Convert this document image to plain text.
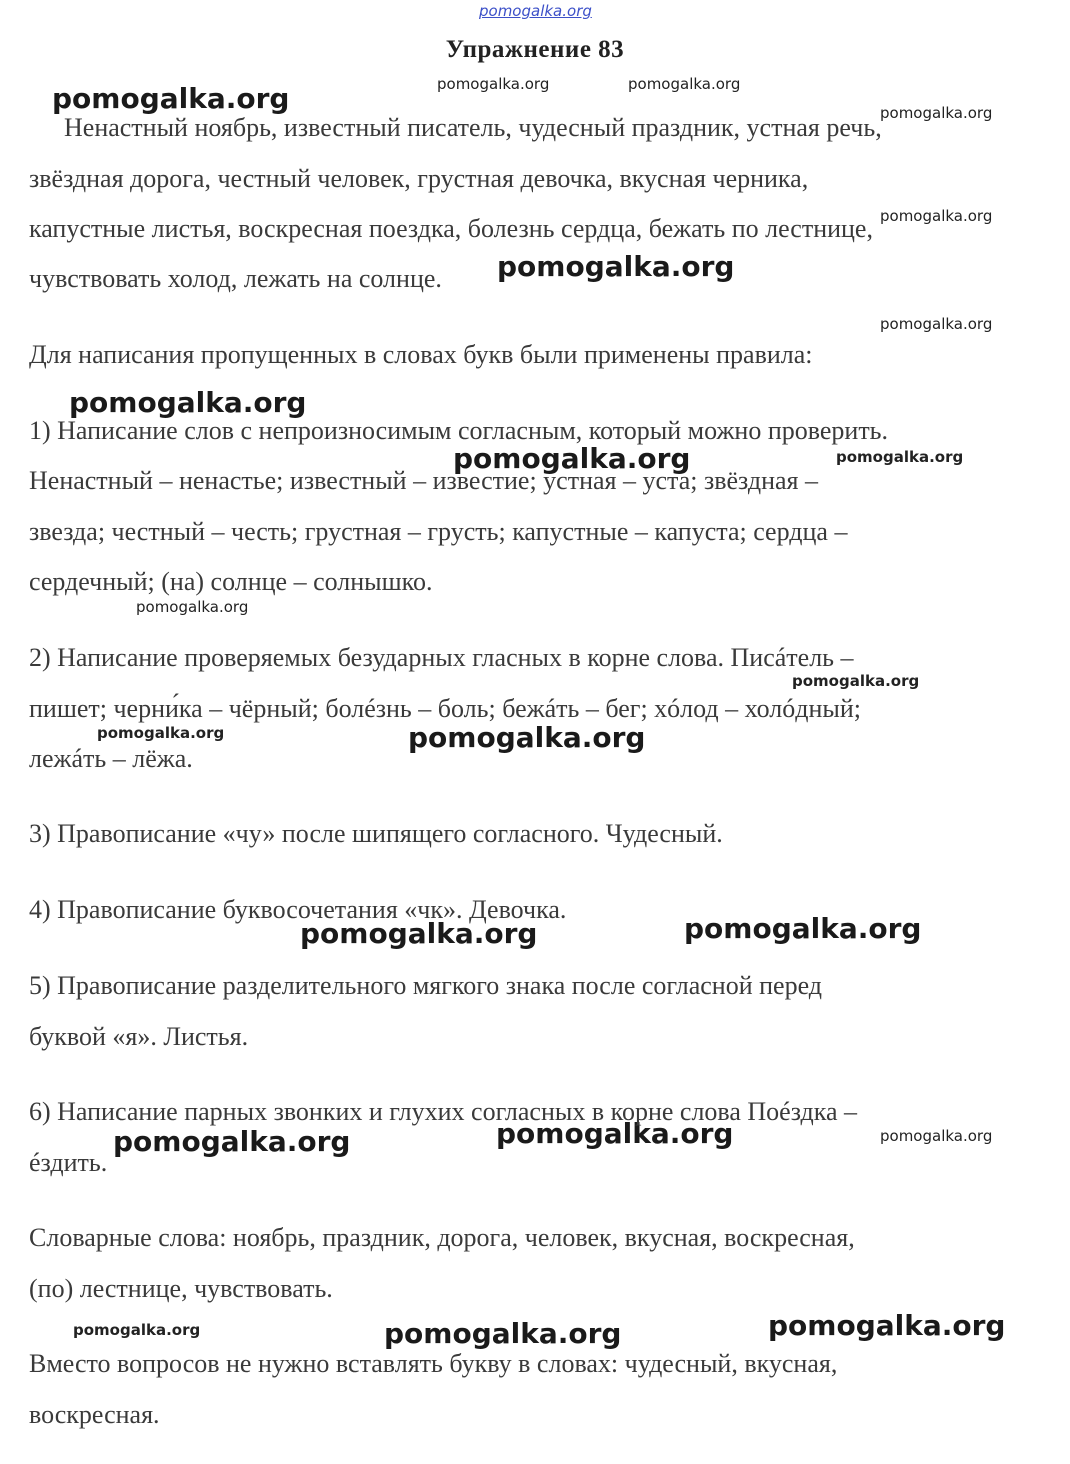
pomogalka.org
pomogalka.org	pomogalka.org	pomogalka.org
pomogalka.org
pomogalka.org
pomogalka.org
pomogalka.org
pomogalka.org
pomogalka.org	pomogalka.org
pomogalka.org
pomogalka.org
pomogalka.org	pomogalka.org
pomogalka.org	pomogalka.org
pomogalka.org	pomogalka.org	pomogalka.org
pomogalka.org	pomogalka.org	pomogalka.org
Упражнение 83
Ненастный ноябрь, известный писатель, чудесный праздник, устная речь,
звёздная дорога, честный человек, грустная девочка, вкусная черника,
капустные листья, воскресная поездка, болезнь сердца, бежать по лестнице,
чувствовать холод, лежать на солнце.
Для написания пропущенных в словах букв были применены правила:
1) Написание слов с непроизносимым согласным, который можно проверить.
Ненастный – ненастье; известный – известие; устная – уста; звёздная –
звезда; честный – честь; грустная – грусть; капустные – капуста; сердца –
сердечный; (на) солнце – солнышко.
2) Написание проверяемых безударных гласных в корне слова. Писáтель –
пишет; черни́ка – чёрный; болéзнь – боль; бежáть – бег; хóлод – холóдный;
лежáть – лёжа.
3) Правописание «чу» после шипящего согласного. Чудесный.
4) Правописание буквосочетания «чк». Девочка.
5) Правописание разделительного мягкого знака после согласной перед
буквой «я». Листья.
6) Написание парных звонких и глухих согласных в корне слова Поéздка –
éздить.
Словарные слова: ноябрь, праздник, дорога, человек, вкусная, воскресная,
(по) лестнице, чувствовать.
Вместо вопросов не нужно вставлять букву в словах: чудесный, вкусная,
воскресная.
